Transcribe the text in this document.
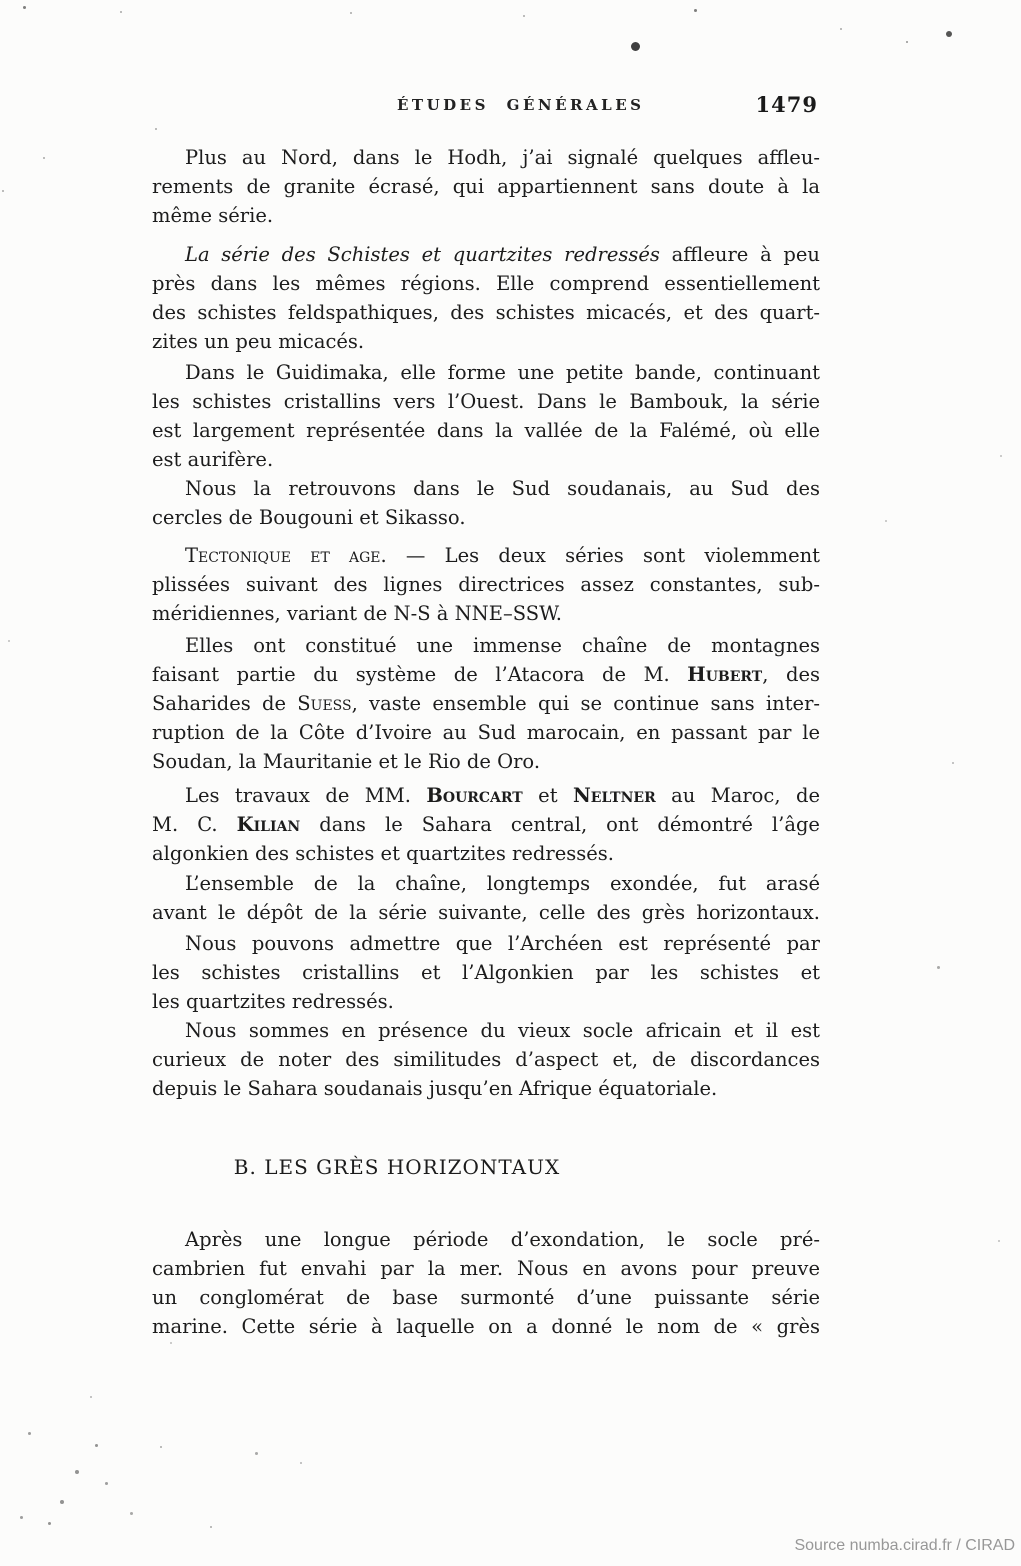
ÉTUDES GÉNÉRALES	1479
Plus au Nord, dans le Hodh, j’ai signalé quelques affleu-
rements de granite écrasé, qui appartiennent sans doute à la
même série.
La série des Schistes et quartzites redressés affleure à peu
près dans les mêmes régions. Elle comprend essentiellement
des schistes feldspathiques, des schistes micacés, et des quart-
zites un peu micacés.
Dans le Guidimaka, elle forme une petite bande, continuant
les schistes cristallins vers l’Ouest. Dans le Bambouk, la série
est largement représentée dans la vallée de la Falémé, où elle
est aurifère.
Nous la retrouvons dans le Sud soudanais, au Sud des
cercles de Bougouni et Sikasso.
Tectonique et age. — Les deux séries sont violemment
plissées suivant des lignes directrices assez constantes, sub-
méridiennes, variant de N-S à NNE–SSW.
Elles ont constitué une immense chaîne de montagnes
faisant partie du système de l’Atacora de M. Hubert, des
Saharides de Suess, vaste ensemble qui se continue sans inter-
ruption de la Côte d’Ivoire au Sud marocain, en passant par le
Soudan, la Mauritanie et le Rio de Oro.
Les travaux de MM. Bourcart et Neltner au Maroc, de
M. C. Kilian dans le Sahara central, ont démontré l’âge
algonkien des schistes et quartzites redressés.
L’ensemble de la chaîne, longtemps exondée, fut arasé
avant le dépôt de la série suivante, celle des grès horizontaux.
Nous pouvons admettre que l’Archéen est représenté par
les schistes cristallins et l’Algonkien par les schistes et
les quartzites redressés.
Nous sommes en présence du vieux socle africain et il est
curieux de noter des similitudes d’aspect et, de discordances
depuis le Sahara soudanais jusqu’en Afrique équatoriale.
B. LES GRÈS HORIZONTAUX
Après une longue période d’exondation, le socle pré-
cambrien fut envahi par la mer. Nous en avons pour preuve
un conglomérat de base surmonté d’une puissante série
marine. Cette série à laquelle on a donné le nom de « grès
Source numba.cirad.fr / CIRAD
